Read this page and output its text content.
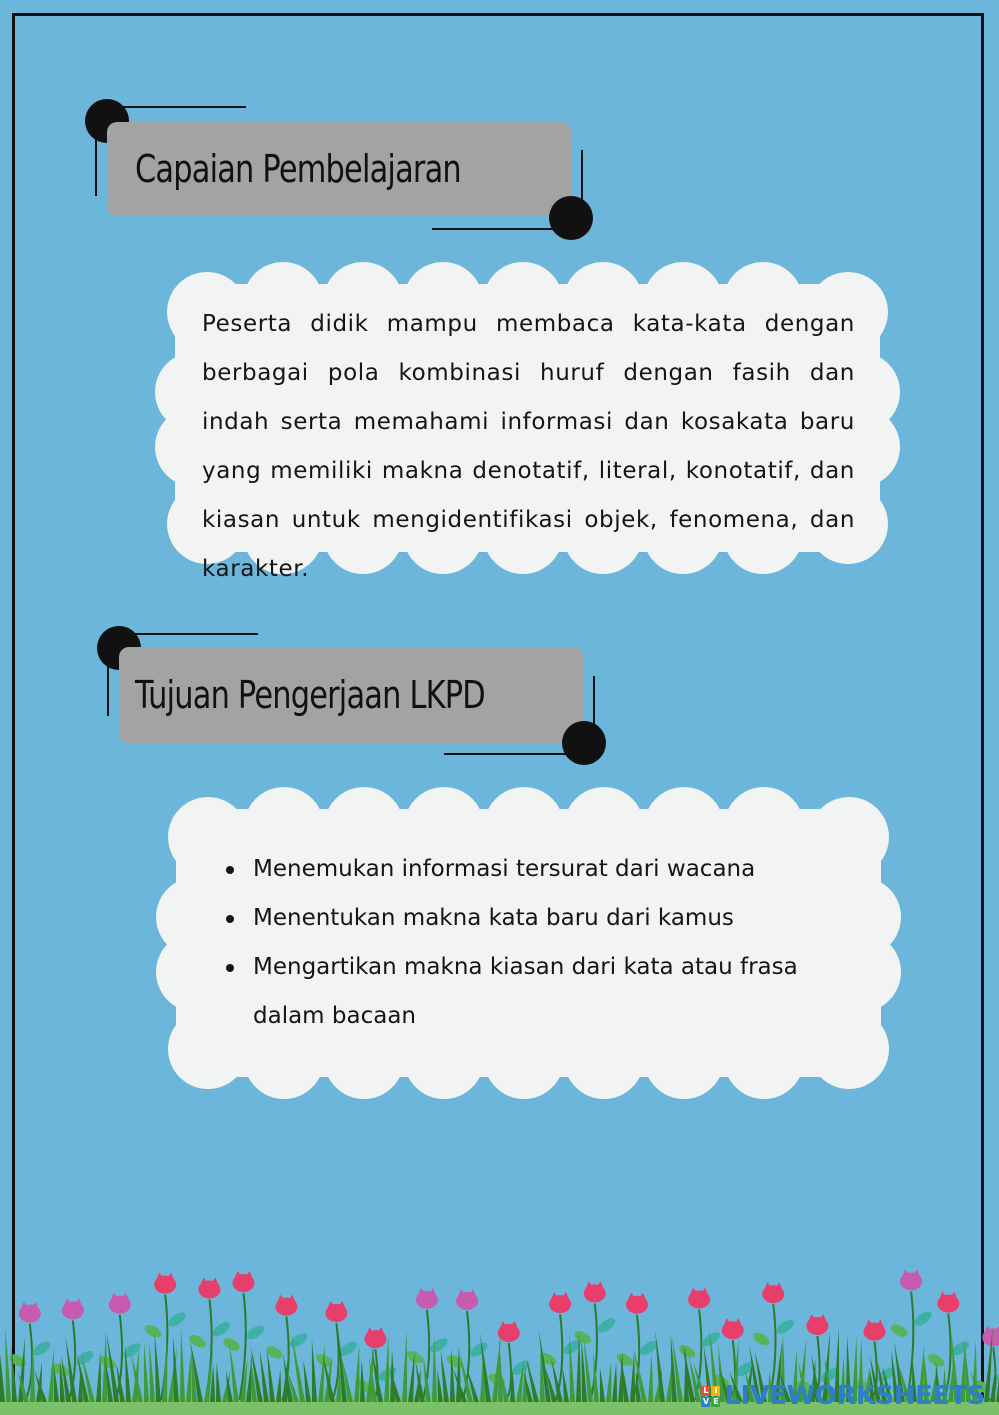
Capaian Pembelajaran
Peserta didik mampu membaca kata-kata dengan berbagai pola kombinasi huruf dengan fasih dan indah serta memahami informasi dan kosakata baru yang memiliki makna denotatif, literal, konotatif, dan kiasan untuk mengidentifikasi objek, fenomena, dan karakter.
Tujuan Pengerjaan LKPD
Menemukan informasi tersurat dari wacana
Menentukan makna kata baru dari kamus
Mengartikan makna kiasan dari kata atau frasa dalam bacaan
L I
V E LIVEWORKSHEETS
